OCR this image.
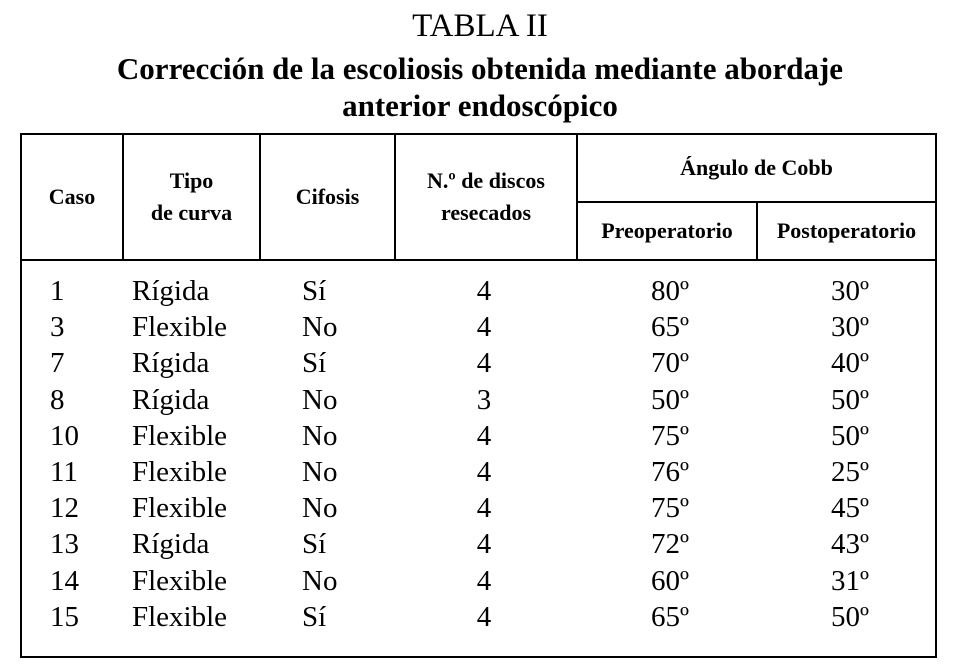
TABLA II
Corrección de la escoliosis obtenida mediante abordaje
anterior endoscópico
Caso
Tipo
de curva
Cifosis
N.º de discos
resecados
Ángulo de Cobb
Preoperatorio Postoperatorio
1 Rígida	Sí	4	80º	30º
3 Flexible	No	4	65º	30º
7 Rígida	Sí	4	70º	40º
8 Rígida	No	3	50º	50º
10 Flexible	No	4	75º	50º
11 Flexible	No	4	76º	25º
12 Flexible	No	4	75º	45º
13 Rígida	Sí	4	72º	43º
14 Flexible	No	4	60º	31º
15 Flexible	Sí	4	65º	50º
